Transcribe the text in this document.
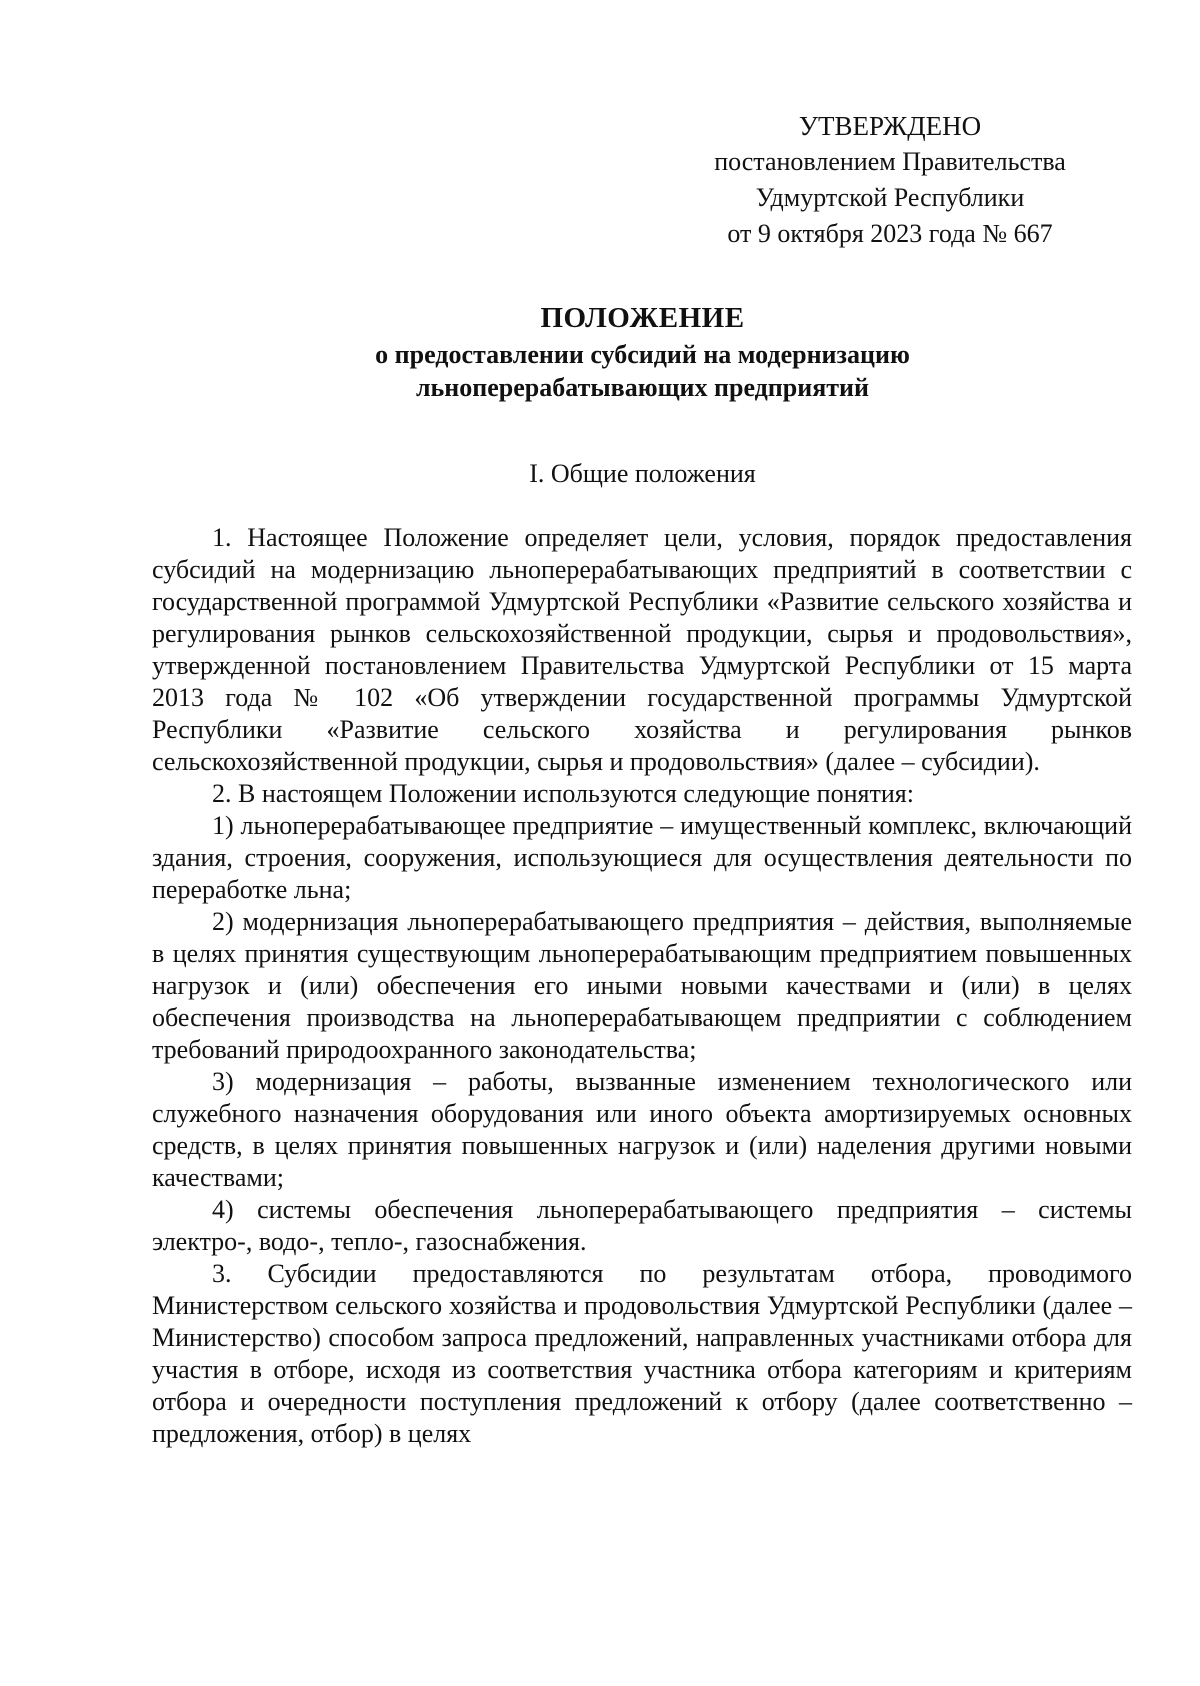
УТВЕРЖДЕНО
постановлением Правительства
Удмуртской Республики
от 9 октября 2023 года № 667
ПОЛОЖЕНИЕ
о предоставлении субсидий на модернизацию
льноперерабатывающих предприятий
I. Общие положения

1. Настоящее Положение определяет цели, условия, порядок предоставления субсидий на модернизацию льноперерабатывающих предприятий в соответствии с государственной программой Удмуртской Республики «Развитие сельского хозяйства и регулирования рынков сельскохозяйственной продукции, сырья и продовольствия», утвержденной постановлением Правительства Удмуртской Республики от 15 марта 2013 года № 102 «Об утверждении государственной программы Удмуртской Республики «Развитие сельского хозяйства и регулирования рынков сельскохозяйственной продукции, сырья и продовольствия» (далее – субсидии).

2. В настоящем Положении используются следующие понятия:

1) льноперерабатывающее предприятие – имущественный комплекс, включающий здания, строения, сооружения, использующиеся для осуществления деятельности по переработке льна;

2) модернизация льноперерабатывающего предприятия – действия, выполняемые в целях принятия существующим льноперерабатывающим предприятием повышенных нагрузок и (или) обеспечения его иными новыми качествами и (или) в целях обеспечения производства на льноперерабатывающем предприятии с соблюдением требований природоохранного законодательства;

3) модернизация – работы, вызванные изменением технологического или служебного назначения оборудования или иного объекта амортизируемых основных средств, в целях принятия повышенных нагрузок и (или) наделения другими новыми качествами;

4) системы обеспечения льноперерабатывающего предприятия – системы электро-, водо-, тепло-, газоснабжения.

3. Субсидии предоставляются по результатам отбора, проводимого Министерством сельского хозяйства и продовольствия Удмуртской Республики (далее – Министерство) способом запроса предложений, направленных участниками отбора для участия в отборе, исходя из соответствия участника отбора категориям и критериям отбора и очередности поступления предложений к отбору (далее соответственно – предложения, отбор) в целях
